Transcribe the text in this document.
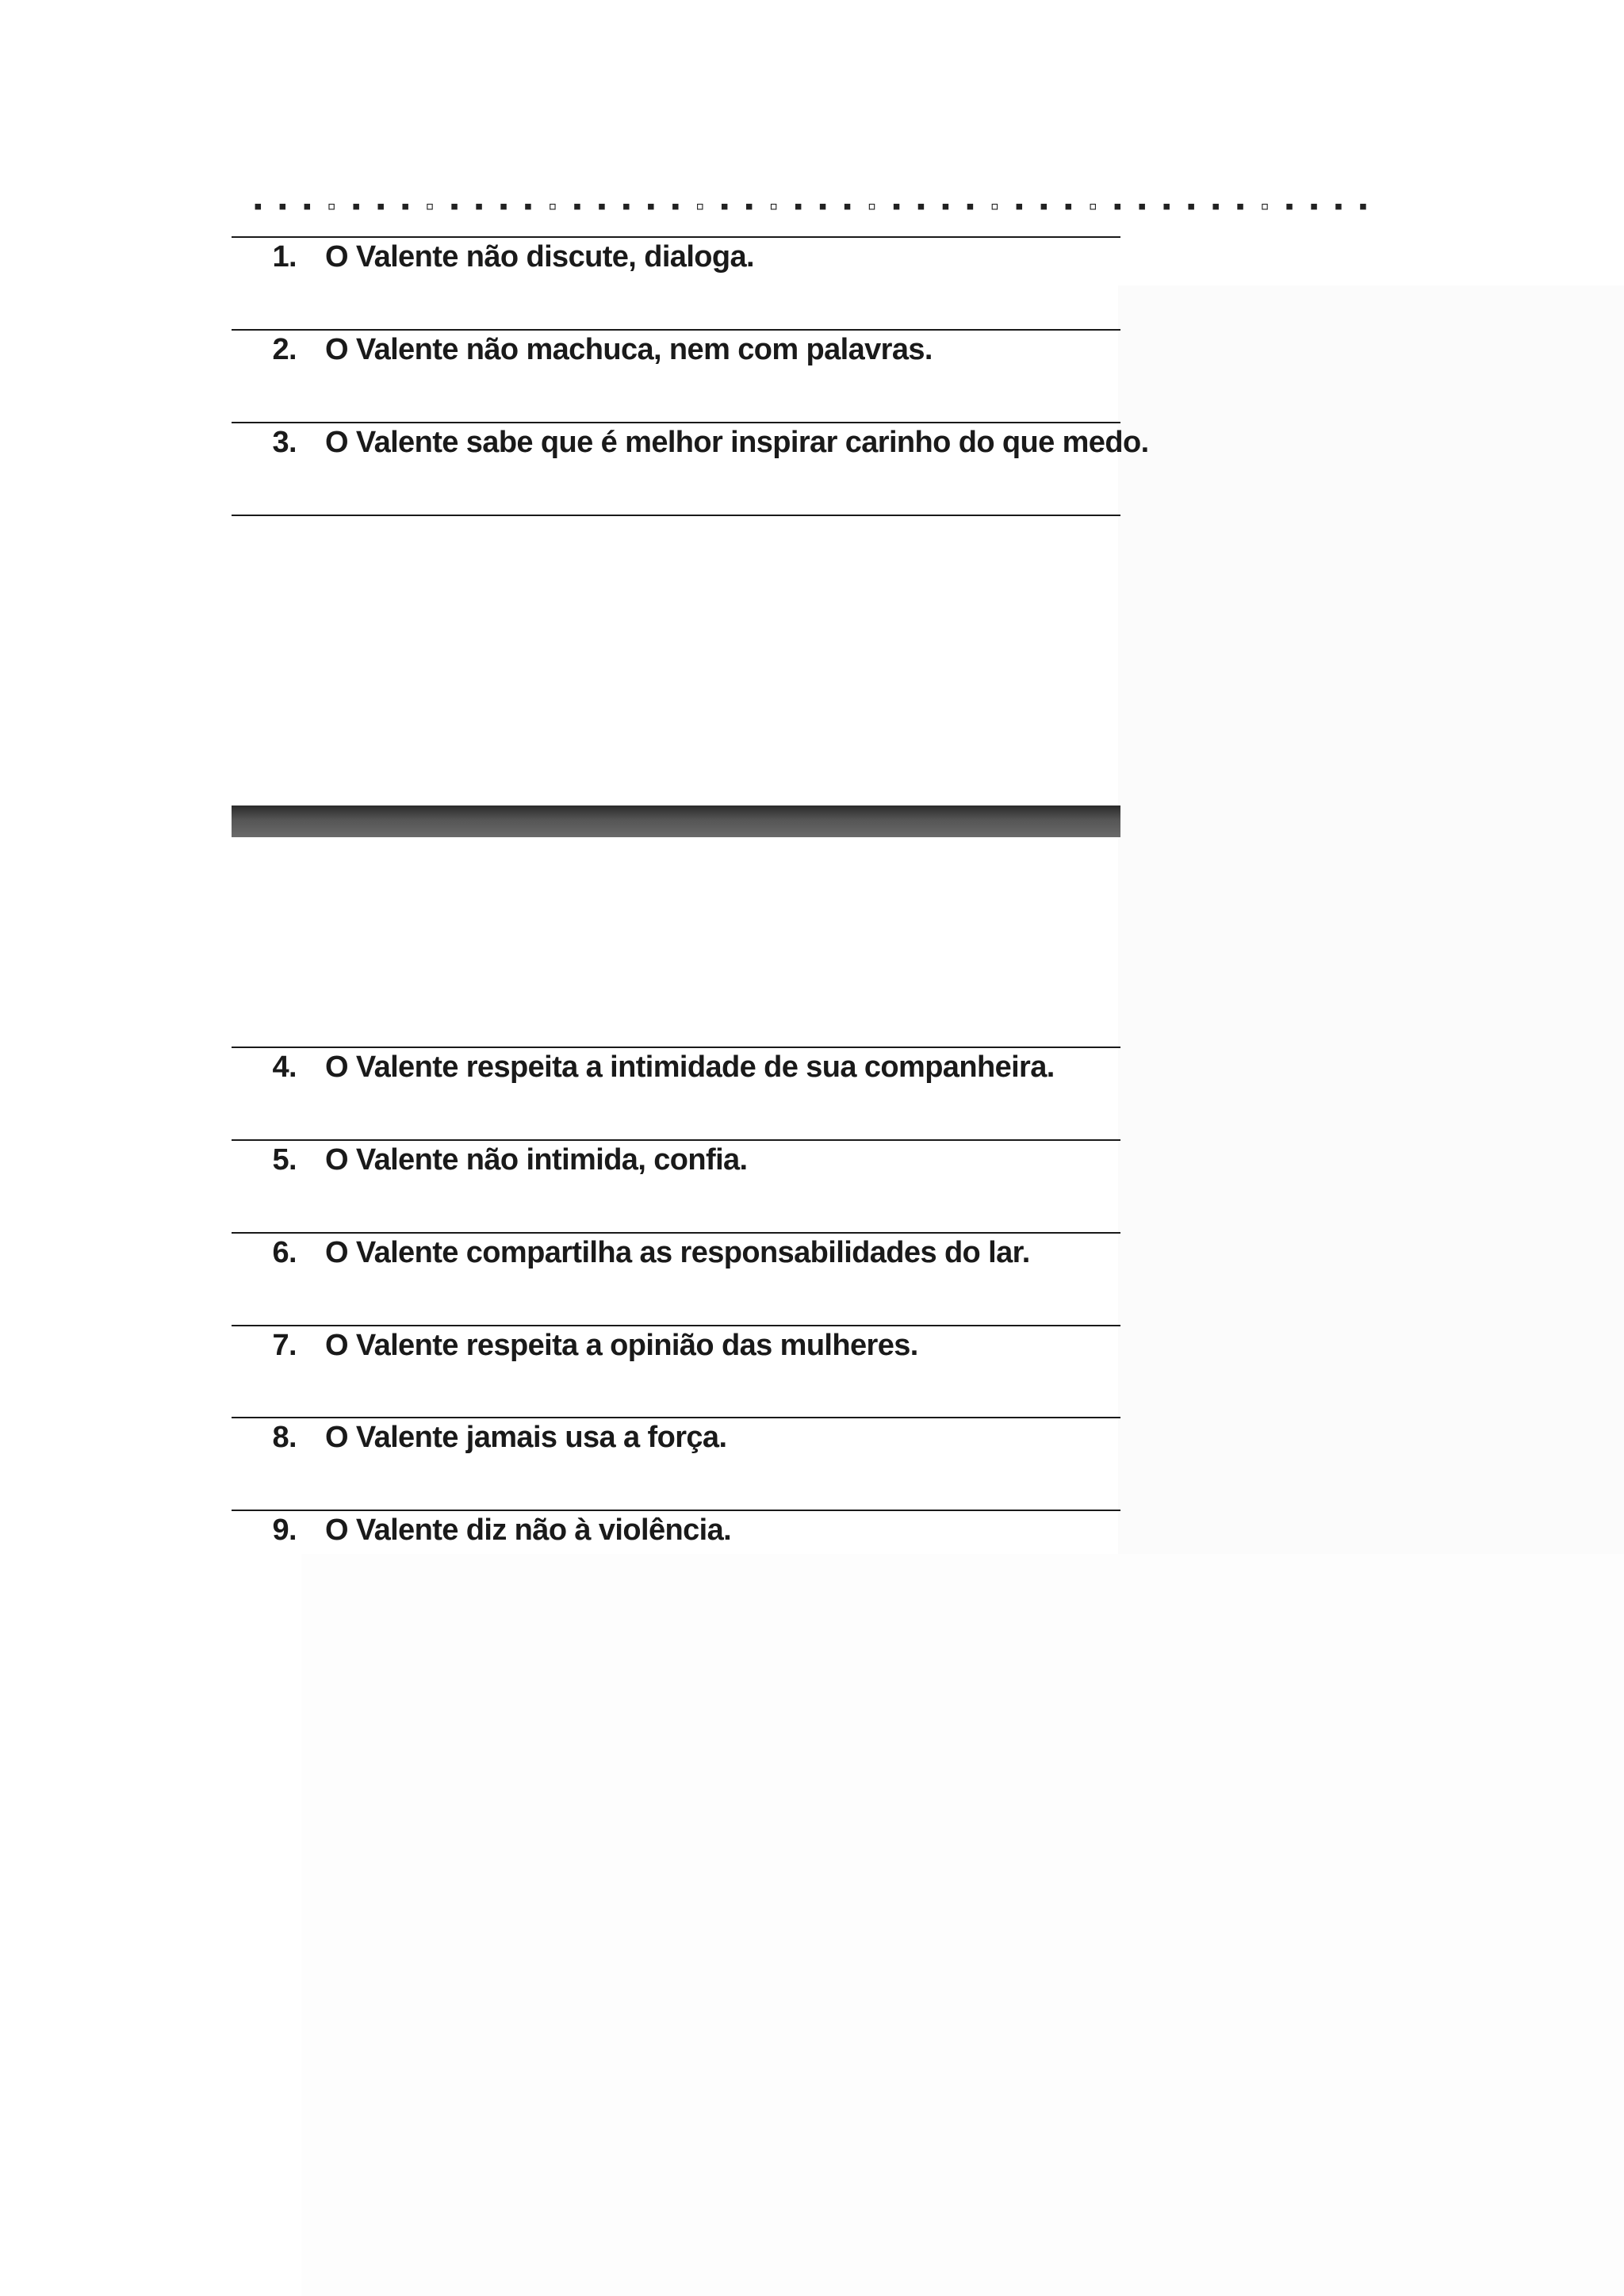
▪ ▪ ▪ ▫ ▪ ▪ ▪ ▫ ▪ ▪ ▪ ▪ ▫ ▪ ▪ ▪ ▪ ▪ ▫ ▪ ▪ ▫ ▪ ▪ ▪ ▫ ▪ ▪ ▪ ▪ ▫ ▪ ▪ ▪ ▫ ▪ ▪ ▪ ▪ ▪ ▪ ▫ ▪ ▪ ▪ ▪
1. O Valente não discute, dialoga.
2. O Valente não machuca, nem com palavras.
3. O Valente sabe que é melhor inspirar carinho do que medo.
4. O Valente respeita a intimidade de sua companheira.
5. O Valente não intimida, confia.
6. O Valente compartilha as responsabilidades do lar.
7. O Valente respeita a opinião das mulheres.
8. O Valente jamais usa a força.
9. O Valente diz não à violência.
